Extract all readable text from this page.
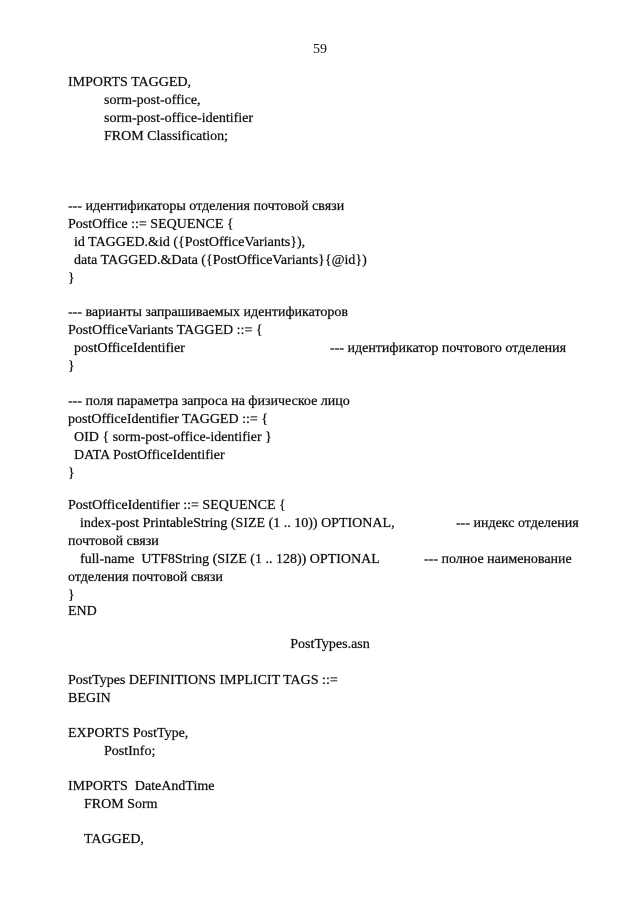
59
IMPORTS TAGGED,
sorm-post-office,
sorm-post-office-identifier
FROM Classification;
--- идентификаторы отделения почтовой связи
PostOffice ::= SEQUENCE {
id TAGGED.&id ({PostOfficeVariants}),
data TAGGED.&Data ({PostOfficeVariants}{@id})
}
--- варианты запрашиваемых идентификаторов
PostOfficeVariants TAGGED ::= {
postOfficeIdentifier	--- идентификатор почтового отделения
}
--- поля параметра запроса на физическое лицо
postOfficeIdentifier TAGGED ::= {
OID { sorm-post-office-identifier }
DATA PostOfficeIdentifier
}
PostOfficeIdentifier ::= SEQUENCE {
index-post PrintableString (SIZE (1 .. 10)) OPTIONAL,	--- индекс отделения
почтовой связи
full-name  UTF8String (SIZE (1 .. 128)) OPTIONAL	--- полное наименование
отделения почтовой связи
}
END
PostTypes.asn
PostTypes DEFINITIONS IMPLICIT TAGS ::=
BEGIN
EXPORTS PostType,
PostInfo;
IMPORTS  DateAndTime
FROM Sorm
TAGGED,
